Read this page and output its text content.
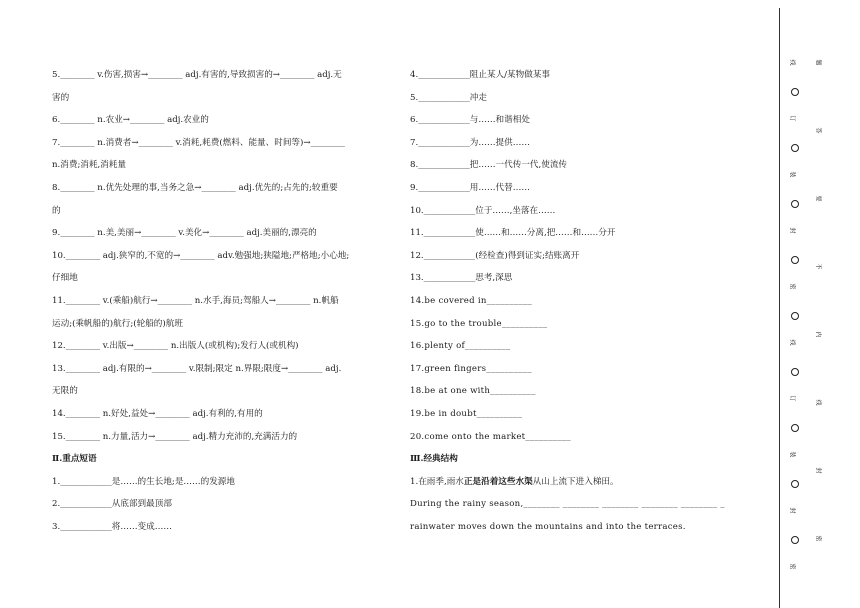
5.________ v.伤害,损害→________ adj.有害的,导致损害的→________ adj.无
害的
6.________ n.农业→________ adj.农业的
7.________ n.消费者→________ v.消耗,耗费(燃料、能量、时间等)→________
n.消费;消耗,消耗量
8.________ n.优先处理的事,当务之急→________ adj.优先的;占先的;较重要
的
9.________ n.美,美丽→________ v.美化→________ adj.美丽的,漂亮的
10.________ adj.狭窄的,不宽的→________ adv.勉强地;狭隘地;严格地;小心地;
仔细地
11.________ v.(乘船)航行→________ n.水手,海员;驾船人→________ n.帆船
运动;(乘帆船的)航行;(轮船的)航班
12.________ v.出版→________ n.出版人(或机构);发行人(或机构)
13.________ adj.有限的→________ v.限制;限定 n.界限;限度→________ adj.
无限的
14.________ n.好处,益处→________ adj.有利的,有用的
15.________ n.力量,活力→________ adj.精力充沛的,充满活力的
Ⅱ.重点短语
1.____________是……的生长地;是……的发源地
2.____________从底部到最顶部
3.____________将……变成……
4.____________阻止某人/某物做某事
5.____________冲走
6.____________与……和谐相处
7.____________为……提供……
8.____________把……一代传一代,使流传
9.____________用……代替……
10.____________位于……,坐落在……
11.____________使……和……分离,把……和……分开
12.____________(经检查)得到证实;结账离开
13.____________思考,深思
14.be covered in__________
15.go to the trouble__________
16.plenty of__________
17.green fingers__________
18.be at one with__________
19.be in doubt__________
20.come onto the market__________
Ⅲ.经典结构
1.在雨季,雨水正是沿着这些水渠从山上流下进入梯田。
During the rainy season,________ ________ ________ ________ ________ _
rainwater moves down the mountains and into the terraces.
线
订
装
封
密
线
订
装
封
密
题
答
要
不
内
线
封
密
